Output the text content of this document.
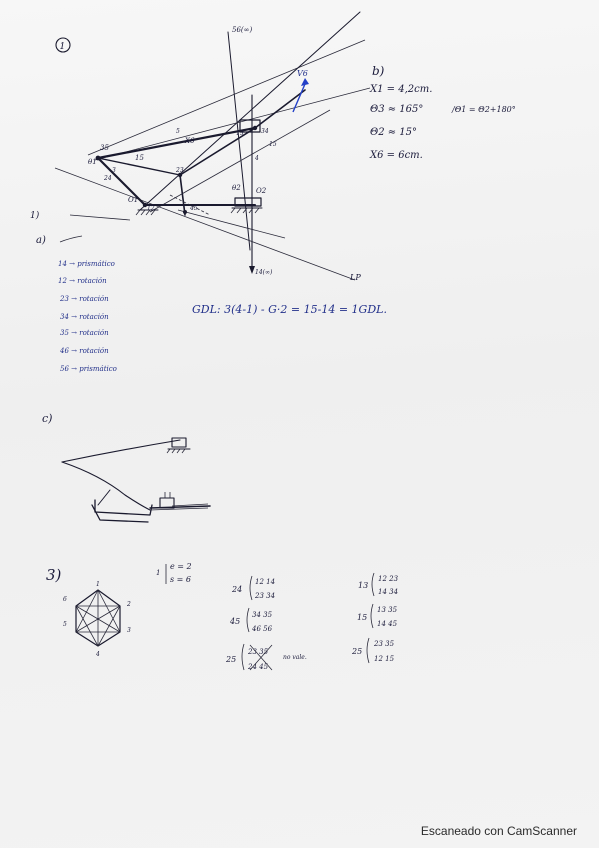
1
56(∞)
14(∞)
V6
35
15
24
23
45
13
12
34
15
θ1
θ2
X6
O1
O2
5
3
4
b)
LP
X1 = 4,2cm.
Θ3 ≈ 165°	/Θ1 = Θ2+180°
Θ2 ≈ 15°
X6 = 6cm.
1)
a)
14 → prismático
12 → rotación
23 → rotación
34 → rotación
35 → rotación
46 → rotación
56 → prismático
GDL: 3(4-1) - G·2 = 15-14 = 1GDL.
c)
3)
1
2
3
4
5
6
1
e = 2
s = 6
24
12 14
23 34
45
34 35
46 56
25
23 35
24 45
no vale.
13
12 23
14 34
15
13 35
14 45
25
23 35
12 15
Escaneado con CamScanner
